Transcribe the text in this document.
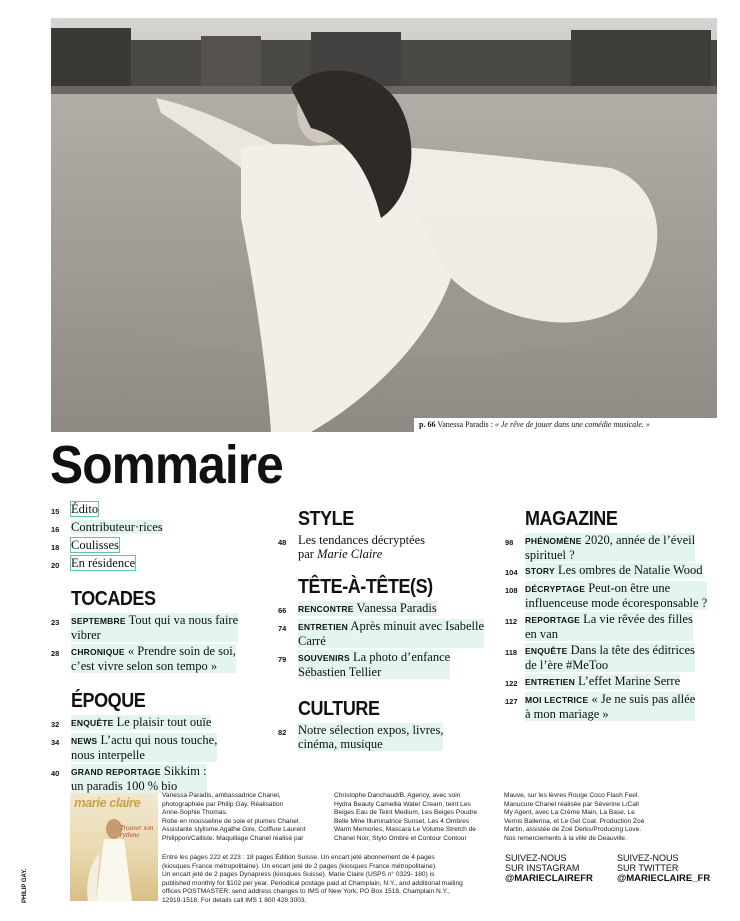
p. 66 Vanessa Paradis : « Je rêve de jouer dans une comédie musicale. »
Sommaire
15 Édito
16 Contributeur·rices
18 Coulisses
20 En résidence
TOCADES
23	SEPTEMBRE Tout qui va nous faire
vibrer
28	CHRONIQUE « Prendre soin de soi,
c’est vivre selon son tempo »
ÉPOQUE
32	ENQUÊTE Le plaisir tout ouïe
34	NEWS L’actu qui nous touche,
nous interpelle
40	GRAND REPORTAGE Sikkim :
un paradis 100 % bio
STYLE
48 Les tendances décryptées
par Marie Claire
TÊTE-À-TÊTE(S)
66	RENCONTRE Vanessa Paradis
74	ENTRETIEN Après minuit avec Isabelle
Carré
79	SOUVENIRS La photo d’enfance
Sébastien Tellier
CULTURE
82 Notre sélection expos, livres,
cinéma, musique
MAGAZINE
98	PHÉNOMÈNE 2020, année de l’éveil
spirituel ?
104 STORY Les ombres de Natalie Wood
108 DÉCRYPTAGE Peut-on être une
influenceuse mode écoresponsable ?
112 REPORTAGE La vie rêvée des filles
en van
118 ENQUÊTE Dans la tête des éditrices
de l’ère #MeToo
122 ENTRETIEN L’effet Marine Serre
127 MOI LECTRICE « Je ne suis pas allée
à mon mariage »
marie claire
Trouver son rythme
Vanessa Paradis, ambassadrice Chanel,
photographiée par Philip Gay. Réalisation
Anne-Sophie Thomas.
Robe en mousseline de soie et plumes Chanel.
Assistante stylisme Agathe Gire. Coiffure Laurent
Philippon/Calliste. Maquillage Chanel réalisé par
Christophe Danchaud/B. Agency, avec soin
Hydra Beauty Camellia Water Cream, teint Les
Beiges Eau de Teint Medium, Les Beiges Poudre
Belle Mine Illuminatrice Sunset, Les 4 Ombres
Warm Memories, Mascara Le Volume Stretch de
Chanel Noir, Stylo Ombre et Contour Contour
Mauve, sur les lèvres Rouge Coco Flash Feel.
Manucure Chanel réalisée par Séverine L/Call
My Agent, avec La Crème Main, La Base, Le
Vernis Ballerina, et Le Gel Coat. Production Zoé
Martin, assistée de Zoé Derks/Producing Love.
Nos remerciements à la ville de Deauville.
Entre les pages 222 et 223 : 18 pages Édition Suisse. Un encart jeté abonnement de 4 pages
(kiosques France métropolitaine). Un encart jeté de 2 pages (kiosques France métropolitaine).
Un encart jeté de 2 pages Dynapress (kiosques Suisse). Marie Claire (USPS n° 0329- 180) is
published monthly for $102 per year. Periodical postage paid at Champlain, N.Y., and additional mailing
offices POSTMASTER: send address changes to IMS of New York, PO Box 1518, Champlain N.Y.,
12919-1518. For details call IMS 1 800 428 3003.
SUIVEZ-NOUS
SUR INSTAGRAM
@MARIECLAIREFR
SUIVEZ-NOUS
SUR TWITTER
@MARIECLAIRE_FR
PHILIP GAY.
